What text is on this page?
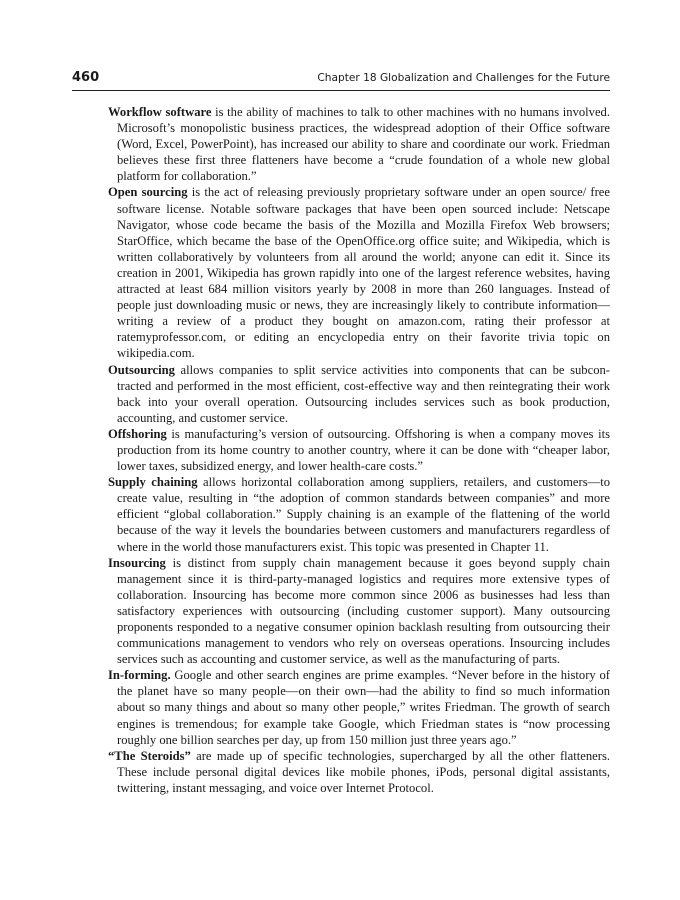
460	Chapter 18 Globalization and Challenges for the Future

Workflow software is the ability of machines to talk to other machines with no humans involved. Microsoft’s monopolistic business practices, the widespread adoption of their Office software (Word, Excel, PowerPoint), has increased our ability to share and coordinate our work. Friedman believes these first three flatteners have become a “crude foundation of a whole new global platform for collaboration.”

Open sourcing is the act of releasing previously proprietary software under an open source/ free software license. Notable software packages that have been open sourced include: Netscape Navigator, whose code became the basis of the Mozilla and Mozilla Firefox Web browsers; StarOffice, which became the base of the OpenOffice.org office suite; and Wikipedia, which is written collaboratively by volunteers from all around the world; anyone can edit it. Since its creation in 2001, Wikipedia has grown rapidly into one of the largest reference websites, having attracted at least 684 million visitors yearly by 2008 in more than 260 languages. Instead of people just downloading music or news, they are increasingly likely to contribute information—writing a review of a product they bought on amazon.com, rating their professor at ratemyprofessor.com, or editing an encyclopedia entry on their favorite trivia topic on wikipedia.com.

Outsourcing allows companies to split service activities into components that can be subcontracted and performed in the most efficient, cost-effective way and then reintegrating their work back into your overall operation. Outsourcing includes services such as book production, accounting, and customer service.

Offshoring is manufacturing’s version of outsourcing. Offshoring is when a company moves its production from its home country to another country, where it can be done with “cheaper labor, lower taxes, subsidized energy, and lower health-care costs.”

Supply chaining allows horizontal collaboration among suppliers, retailers, and customers—to create value, resulting in “the adoption of common standards between companies” and more efficient “global collaboration.” Supply chaining is an example of the flattening of the world because of the way it levels the boundaries between customers and manufacturers regardless of where in the world those manufacturers exist. This topic was presented in Chapter 11.

Insourcing is distinct from supply chain management because it goes beyond supply chain management since it is third-party-managed logistics and requires more extensive types of collaboration. Insourcing has become more common since 2006 as businesses had less than satisfactory experiences with outsourcing (including customer support). Many outsourcing proponents responded to a negative consumer opinion backlash resulting from outsourcing their communications management to vendors who rely on overseas operations. Insourcing includes services such as accounting and customer service, as well as the manufacturing of parts.

In-forming. Google and other search engines are prime examples. “Never before in the history of the planet have so many people—on their own—had the ability to find so much information about so many things and about so many other people,” writes Friedman. The growth of search engines is tremendous; for example take Google, which Friedman states is “now processing roughly one billion searches per day, up from 150 million just three years ago.”

“The Steroids” are made up of specific technologies, supercharged by all the other flatteners. These include personal digital devices like mobile phones, iPods, personal digital assistants, twittering, instant messaging, and voice over Internet Protocol.
